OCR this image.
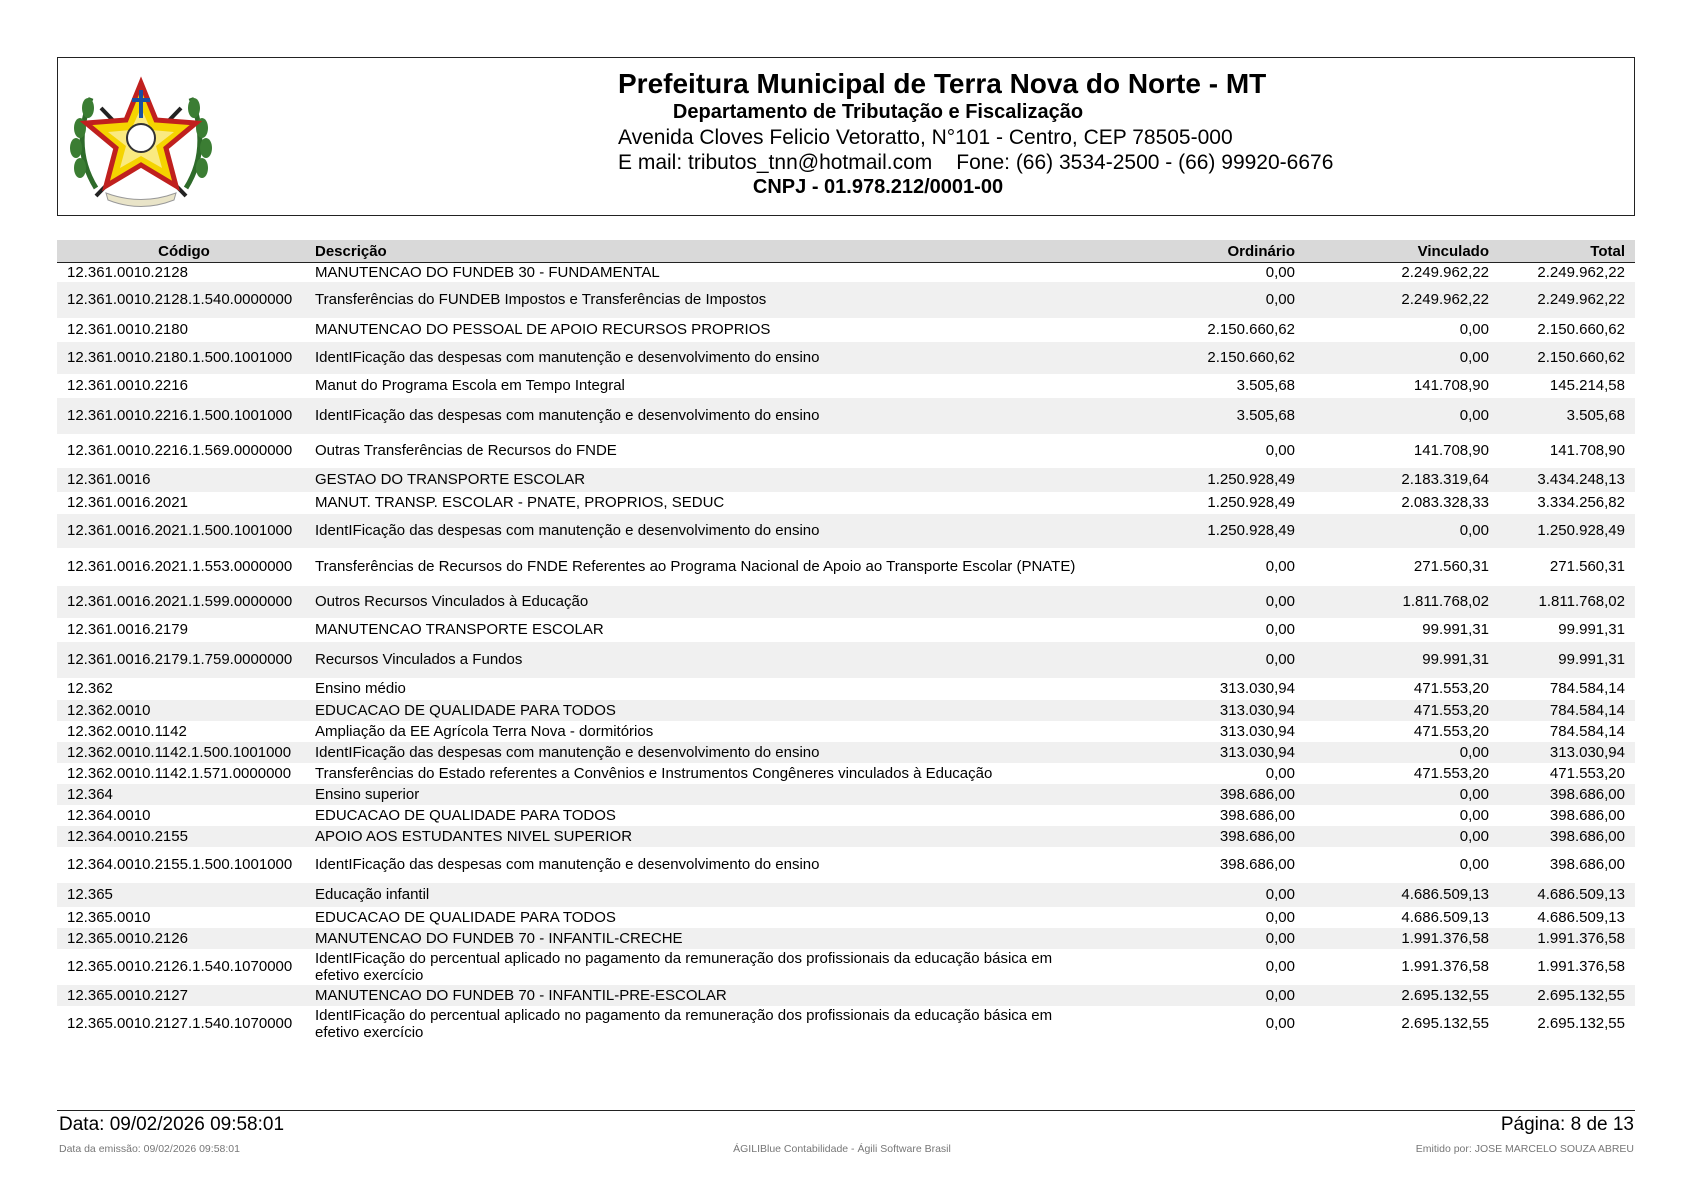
Prefeitura Municipal de Terra Nova do Norte - MT
Departamento de Tributação e Fiscalização
Avenida Cloves Felicio Vetoratto, N°101 - Centro, CEP 78505-000
E mail: tributos_tnn@hotmail.com Fone: (66) 3534-2500 - (66) 99920-6676
CNPJ - 01.978.212/0001-00
Código	Descrição	Ordinário	Vinculado	Total
12.361.0010.2128	MANUTENCAO DO FUNDEB 30 - FUNDAMENTAL	0,00	2.249.962,22	2.249.962,22
12.361.0010.2128.1.540.0000000	Transferências do FUNDEB Impostos e Transferências de Impostos	0,00	2.249.962,22	2.249.962,22
12.361.0010.2180	MANUTENCAO DO PESSOAL DE APOIO RECURSOS PROPRIOS	2.150.660,62	0,00	2.150.660,62
12.361.0010.2180.1.500.1001000	IdentIFicação das despesas com manutenção e desenvolvimento do ensino	2.150.660,62	0,00	2.150.660,62
12.361.0010.2216	Manut do Programa Escola em Tempo Integral	3.505,68	141.708,90	145.214,58
12.361.0010.2216.1.500.1001000	IdentIFicação das despesas com manutenção e desenvolvimento do ensino	3.505,68	0,00	3.505,68
12.361.0010.2216.1.569.0000000	Outras Transferências de Recursos do FNDE	0,00	141.708,90	141.708,90
12.361.0016	GESTAO DO TRANSPORTE ESCOLAR	1.250.928,49	2.183.319,64	3.434.248,13
12.361.0016.2021	MANUT. TRANSP. ESCOLAR - PNATE, PROPRIOS, SEDUC	1.250.928,49	2.083.328,33	3.334.256,82
12.361.0016.2021.1.500.1001000	IdentIFicação das despesas com manutenção e desenvolvimento do ensino	1.250.928,49	0,00	1.250.928,49
12.361.0016.2021.1.553.0000000	Transferências de Recursos do FNDE Referentes ao Programa Nacional de Apoio ao Transporte Escolar (PNATE)	0,00	271.560,31	271.560,31
12.361.0016.2021.1.599.0000000	Outros Recursos Vinculados à Educação	0,00	1.811.768,02	1.811.768,02
12.361.0016.2179	MANUTENCAO TRANSPORTE ESCOLAR	0,00	99.991,31	99.991,31
12.361.0016.2179.1.759.0000000	Recursos Vinculados a Fundos	0,00	99.991,31	99.991,31
12.362	Ensino médio	313.030,94	471.553,20	784.584,14
12.362.0010	EDUCACAO DE QUALIDADE PARA TODOS	313.030,94	471.553,20	784.584,14
12.362.0010.1142	Ampliação da EE Agrícola Terra Nova - dormitórios	313.030,94	471.553,20	784.584,14
12.362.0010.1142.1.500.1001000	IdentIFicação das despesas com manutenção e desenvolvimento do ensino	313.030,94	0,00	313.030,94
12.362.0010.1142.1.571.0000000	Transferências do Estado referentes a Convênios e Instrumentos Congêneres vinculados à Educação	0,00	471.553,20	471.553,20
12.364	Ensino superior	398.686,00	0,00	398.686,00
12.364.0010	EDUCACAO DE QUALIDADE PARA TODOS	398.686,00	0,00	398.686,00
12.364.0010.2155	APOIO AOS ESTUDANTES NIVEL SUPERIOR	398.686,00	0,00	398.686,00
12.364.0010.2155.1.500.1001000	IdentIFicação das despesas com manutenção e desenvolvimento do ensino	398.686,00	0,00	398.686,00
12.365	Educação infantil	0,00	4.686.509,13	4.686.509,13
12.365.0010	EDUCACAO DE QUALIDADE PARA TODOS	0,00	4.686.509,13	4.686.509,13
12.365.0010.2126	MANUTENCAO DO FUNDEB 70 - INFANTIL-CRECHE	0,00	1.991.376,58	1.991.376,58
12.365.0010.2126.1.540.1070000	IdentIFicação do percentual aplicado no pagamento da remuneração dos profissionais da educação básica em efetivo exercício	0,00	1.991.376,58	1.991.376,58
12.365.0010.2127	MANUTENCAO DO FUNDEB 70 - INFANTIL-PRE-ESCOLAR	0,00	2.695.132,55	2.695.132,55
12.365.0010.2127.1.540.1070000	IdentIFicação do percentual aplicado no pagamento da remuneração dos profissionais da educação básica em efetivo exercício	0,00	2.695.132,55	2.695.132,55
Data: 09/02/2026 09:58:01	Página: 8 de 13
Data da emissão: 09/02/2026 09:58:01	ÁGILIBlue Contabilidade - Ágili Software Brasil	Emitido por: JOSE MARCELO SOUZA ABREU
